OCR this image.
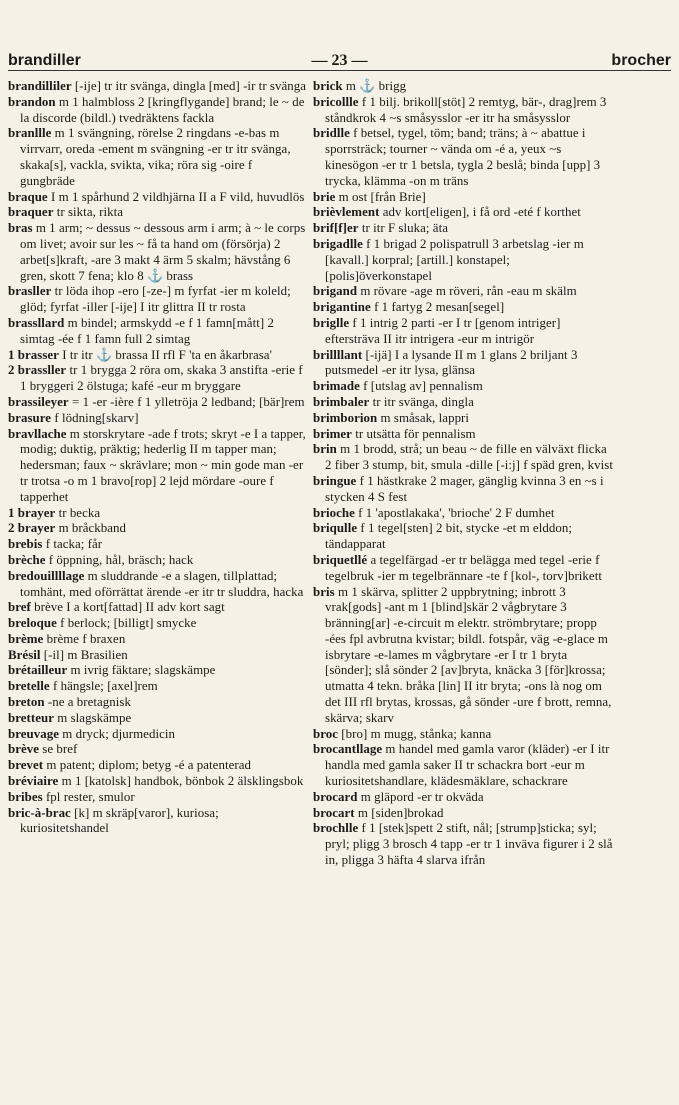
brandiller	— 23 —	brocher

brandilliler [-ije] tr itr svänga, dingla [med] -ir tr svänga

brandon m 1 halmbloss 2 [kringflygande] brand; le ~ de la discorde (bildl.) tvedräktens fackla

branllle m 1 svängning, rörelse 2 ringdans -e-bas m virrvarr, oreda -ement m svängning -er tr itr svänga, skaka[s], vackla, svikta, vika; röra sig -oire f gungbräde

braque I m 1 spårhund 2 vildhjärna II a F vild, huvudlös

braquer tr sikta, rikta

bras m 1 arm; ~ dessus ~ dessous arm i arm; à ~ le corps om livet; avoir sur les ~ få ta hand om (försörja) 2 arbet[s]kraft, -are 3 makt 4 ärm 5 skalm; hävstång 6 gren, skott 7 fena; klo 8 ⚓ brass

brasller tr löda ihop -ero [-ze-] m fyrfat -ier m koleld; glöd; fyrfat -iller [-ije] I itr glittra II tr rosta

brassllard m bindel; armskydd -e f 1 famn[mått] 2 simtag -ée f 1 famn full 2 simtag

1 brasser I tr itr ⚓ brassa II rfl F 'ta en åkarbrasa'

2 brassller tr 1 brygga 2 röra om, skaka 3 anstifta -erie f 1 bryggeri 2 ölstuga; kafé -eur m bryggare

brassileyer = 1 -er -ière f 1 ylletröja 2 ledband; [bär]rem

brasure f lödning[skarv]

bravllache m storskrytare -ade f trots; skryt -e I a tapper, modig; duktig, präktig; hederlig II m tapper man; hedersman; faux ~ skrävlare; mon ~ min gode man -er tr trotsa -o m 1 bravo[rop] 2 lejd mördare -oure f tapperhet

1 brayer tr becka

2 brayer m bråckband

brebis f tacka; får

brèche f öppning, hål, bräsch; hack

bredouillllage m sluddrande -e a slagen, tillplattad; tomhänt, med oförrättat ärende -er itr tr sluddra, hacka

bref brève I a kort[fattad] II adv kort sagt

breloque f berlock; [billigt] smycke

brème brème f braxen

Brésil [-il] m Brasilien

brétailleur m ivrig fäktare; slagskämpe

bretelle f hängsle; [axel]rem

breton -ne a bretagnisk

bretteur m slagskämpe

breuvage m dryck; djurmedicin

brève se bref

brevet m patent; diplom; betyg -é a patenterad

bréviaire m 1 [katolsk] handbok, bönbok 2 älsklingsbok

bribes fpl rester, smulor

bric-à-brac [k] m skräp[varor], kuriosa; kuriositetshandel

brick m ⚓ brigg

bricollle f 1 bilj. brikoll[stöt] 2 remtyg, bär-, drag]rem 3 ståndkrok 4 ~s småsysslor -er itr ha småsysslor

bridlle f betsel, tygel, töm; band; träns; à ~ abattue i sporrsträck; tourner ~ vända om -é a, yeux ~s kinesögon -er tr 1 betsla, tygla 2 beslå; binda [upp] 3 trycka, klämma -on m träns

brie m ost [från Brie]

brièvlement adv kort[eligen], i få ord -eté f korthet

brif[f]er tr itr F sluka; äta

brigadlle f 1 brigad 2 polispatrull 3 arbetslag -ier m [kavall.] korpral; [artill.] konstapel; [polis]överkonstapel

brigand m rövare -age m röveri, rån -eau m skälm

brigantine f 1 fartyg 2 mesan[segel]

briglle f 1 intrig 2 parti -er I tr [genom intriger] eftersträva II itr intrigera -eur m intrigör

brillllant [-ijä] I a lysande II m 1 glans 2 briljant 3 putsmedel -er itr lysa, glänsa

brimade f [utslag av] pennalism

brimbaler tr itr svänga, dingla

brimborion m småsak, lappri

brimer tr utsätta för pennalism

brin m 1 brodd, strå; un beau ~ de fille en välväxt flicka 2 fiber 3 stump, bit, smula -dille [-i:j] f späd gren, kvist

bringue f 1 hästkrake 2 mager, gänglig kvinna 3 en ~s i stycken 4 S fest

brioche f 1 'apostlakaka', 'brioche' 2 F dumhet

briqulle f 1 tegel[sten] 2 bit, stycke -et m elddon; tändapparat

briquetllé a tegelfärgad -er tr belägga med tegel -erie f tegelbruk -ier m tegelbrännare -te f [kol-, torv]brikett

bris m 1 skärva, splitter 2 uppbrytning; inbrott 3 vrak[gods] -ant m 1 [blind]skär 2 vågbrytare 3 bränning[ar] -e-circuit m elektr. strömbrytare; propp -ées fpl avbrutna kvistar; bildl. fotspår, väg -e-glace m isbrytare -e-lames m vågbrytare -er I tr 1 bryta [sönder]; slå sönder 2 [av]bryta, knäcka 3 [för]krossa; utmatta 4 tekn. bråka [lin] II itr bryta; -ons là nog om det III rfl brytas, krossas, gå sönder -ure f brott, remna, skärva; skarv

broc [bro] m mugg, stånka; kanna

brocantllage m handel med gamla varor (kläder) -er I itr handla med gamla saker II tr schackra bort -eur m kuriositetshandlare, klädesmäklare, schackrare

brocard m gläpord -er tr okväda

brocart m [siden]brokad

brochlle f 1 [stek]spett 2 stift, nål; [strump]sticka; syl; pryl; pligg 3 brosch 4 tapp -er tr 1 inväva figurer i 2 slå in, pligga 3 häfta 4 slarva ifrån
